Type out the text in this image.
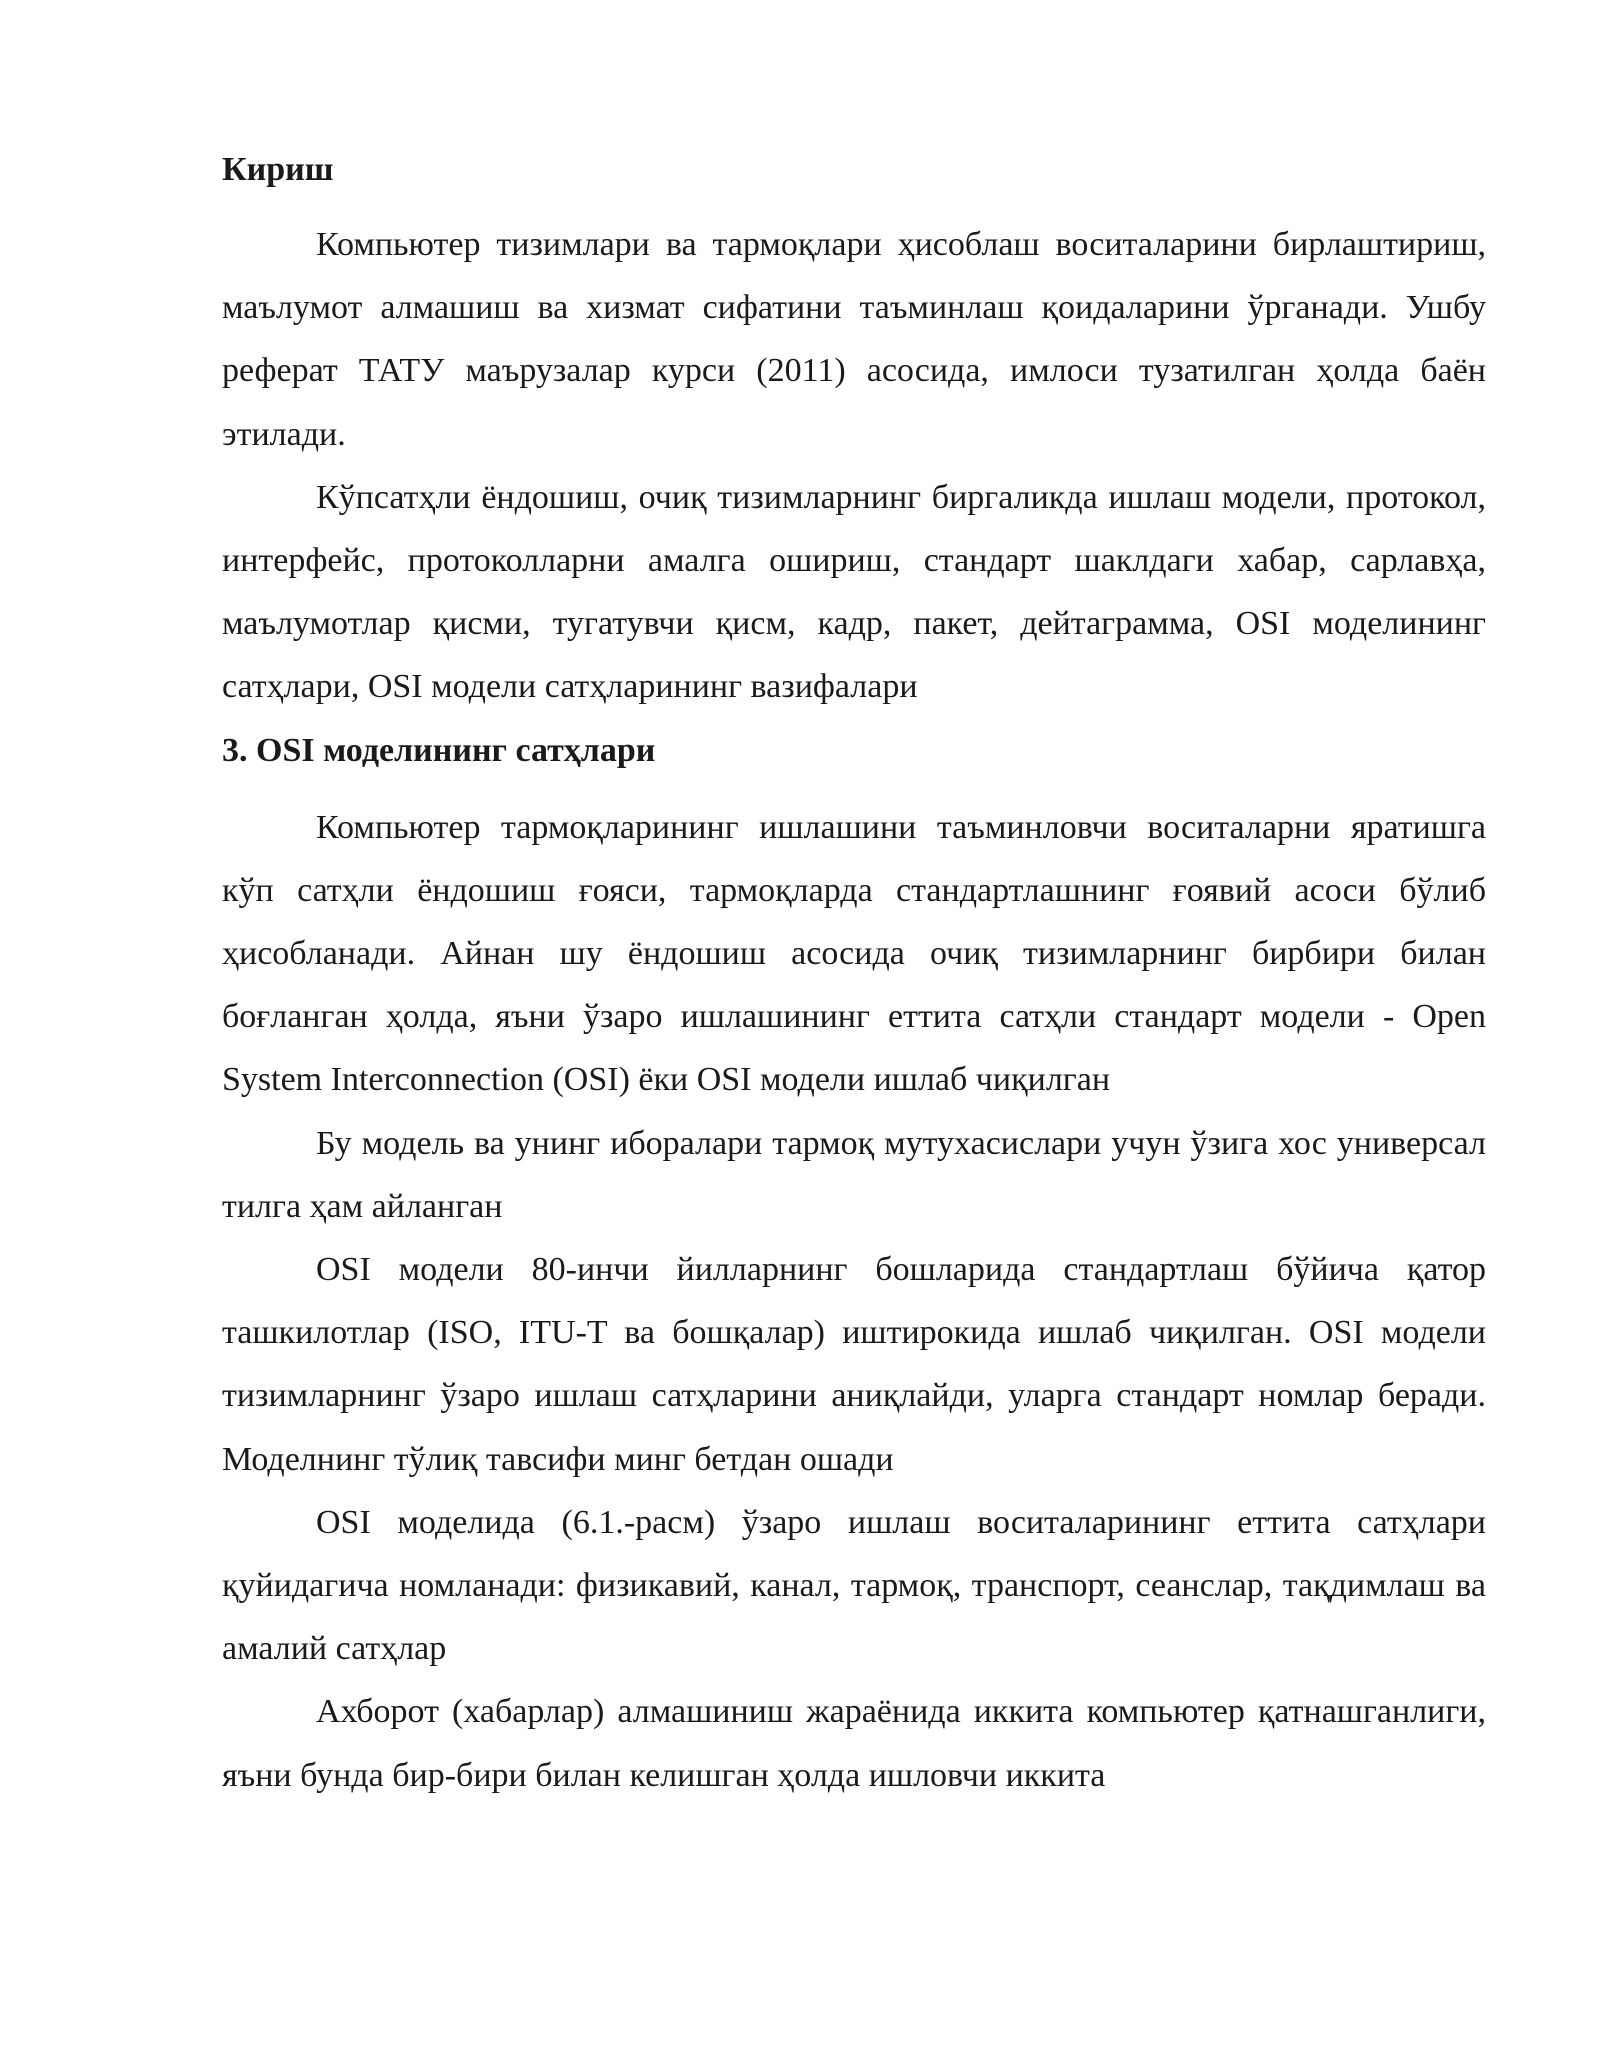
Кириш

Компьютер тизимлари ва тармоқлари ҳисоблаш воситаларини бирлаштириш, маълумот алмашиш ва хизмат сифатини таъминлаш қоидаларини ўрганади. Ушбу реферат ТАТУ маърузалар курси (2011) асосида, имлоси тузатилган ҳолда баён этилади.

Кўпсатҳли ёндошиш, очиқ тизимларнинг биргаликда ишлаш модели, протокол, интерфейс, протоколларни амалга ошириш, стандарт шаклдаги хабар, сарлавҳа, маълумотлар қисми, тугатувчи қисм, кадр, пакет, дейтаграмма, OSI моделининг сатҳлари, OSI модели сатҳларининг вазифалари

3. OSI моделининг сатҳлари

Компьютер тармоқларининг ишлашини таъминловчи воситаларни яратишга кўп сатҳли ёндошиш ғояси, тармоқларда стандартлашнинг ғоявий асоси бўлиб ҳисобланади. Айнан шу ёндошиш асосида очиқ тизимларнинг бирбири билан боғланган ҳолда, яъни ўзаро ишлашининг еттита сатҳли стандарт модели - Open System Interconnection (OSI) ёки OSI модели ишлаб чиқилган

Бу модель ва унинг иборалари тармоқ мутухасислари учун ўзига хос универсал тилга ҳам айланган

OSI модели 80-инчи йилларнинг бошларида стандартлаш бўйича қатор ташкилотлар (ISO, ITU-T ва бошқалар) иштирокида ишлаб чиқилган. OSI модели тизимларнинг ўзаро ишлаш сатҳларини аниқлайди, уларга стандарт номлар беради. Моделнинг тўлиқ тавсифи минг бетдан ошади

OSI моделида (6.1.-расм) ўзаро ишлаш воситаларининг еттита сатҳлари қуйидагича номланади: физикавий, канал, тармоқ, транспорт, сеанслар, тақдимлаш ва амалий сатҳлар

Ахборот (хабарлар) алмашиниш жараёнида иккита компьютер қатнашганлиги, яъни бунда бир-бири билан келишган ҳолда ишловчи иккита
